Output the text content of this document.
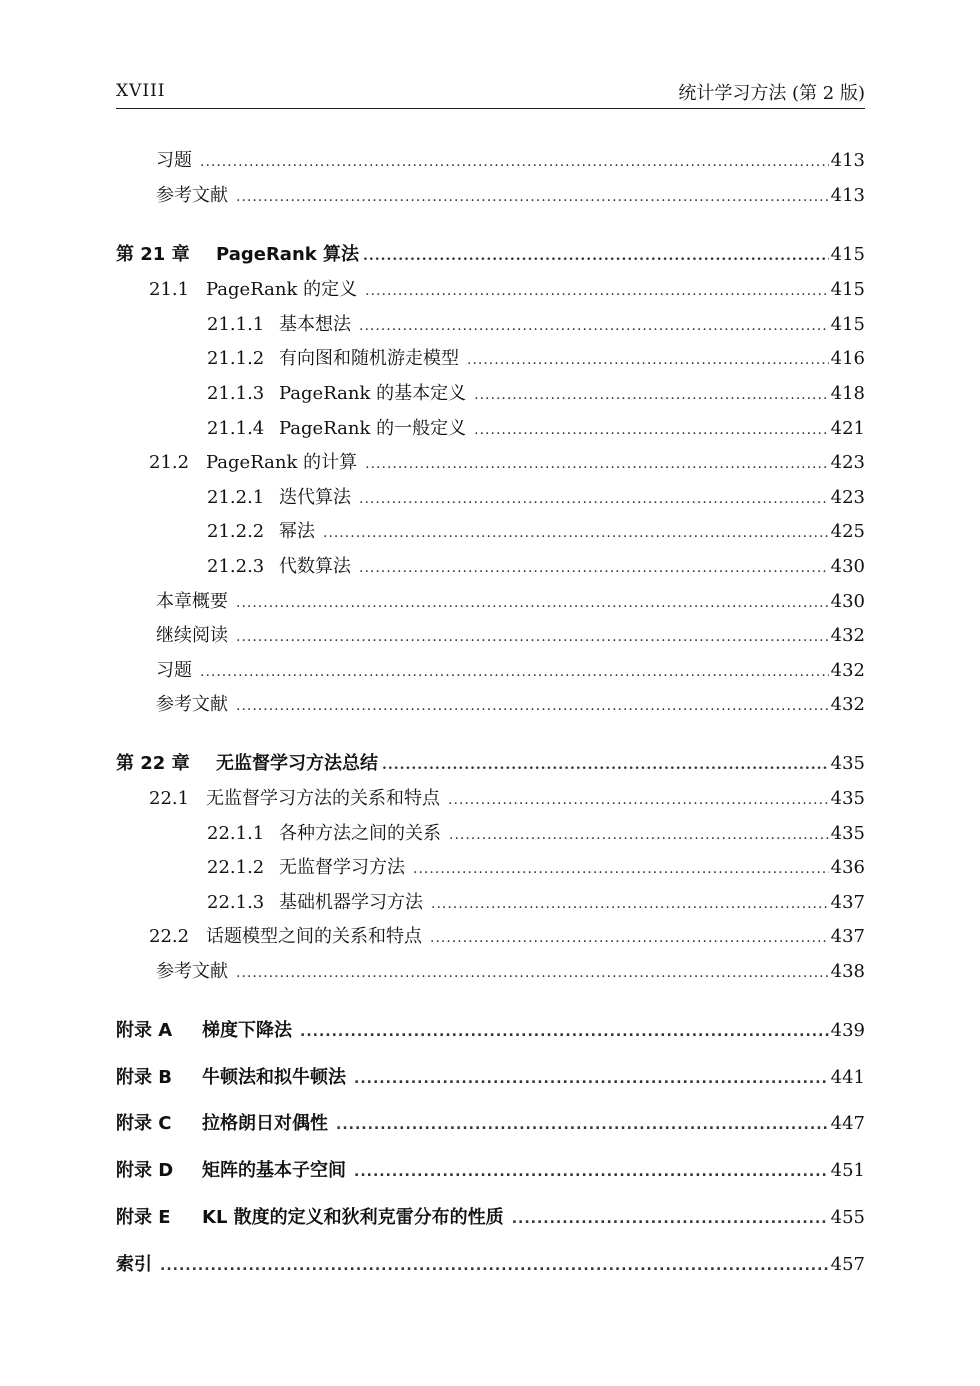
XVIII	统计学习方法 (第 2 版)
习题 .....	413
参考文献 .....	413
第 21 章	PageRank 算法 .....	415
21.1 PageRank 的定义 .....	415
21.1.1 基本想法 .....	415
21.1.2 有向图和随机游走模型 .....	416
21.1.3 PageRank 的基本定义 .....	418
21.1.4 PageRank 的一般定义 .....	421
21.2 PageRank 的计算 .....	423
21.2.1 迭代算法 .....	423
21.2.2 幂法 .....	425
21.2.3 代数算法 .....	430
本章概要 .....	430
继续阅读 .....	432
习题 .....	432
参考文献 .....	432
第 22 章	无监督学习方法总结 .....	435
22.1 无监督学习方法的关系和特点 .....	435
22.1.1 各种方法之间的关系 .....	435
22.1.2 无监督学习方法 .....	436
22.1.3 基础机器学习方法 .....	437
22.2 话题模型之间的关系和特点 .....	437
参考文献 .....	438
附录 A	梯度下降法 .....	439
附录 B	牛顿法和拟牛顿法 .....	441
附录 C	拉格朗日对偶性 .....	447
附录 D	矩阵的基本子空间 .....	451
附录 E	KL 散度的定义和狄利克雷分布的性质 .....	455
索引 .....	457
